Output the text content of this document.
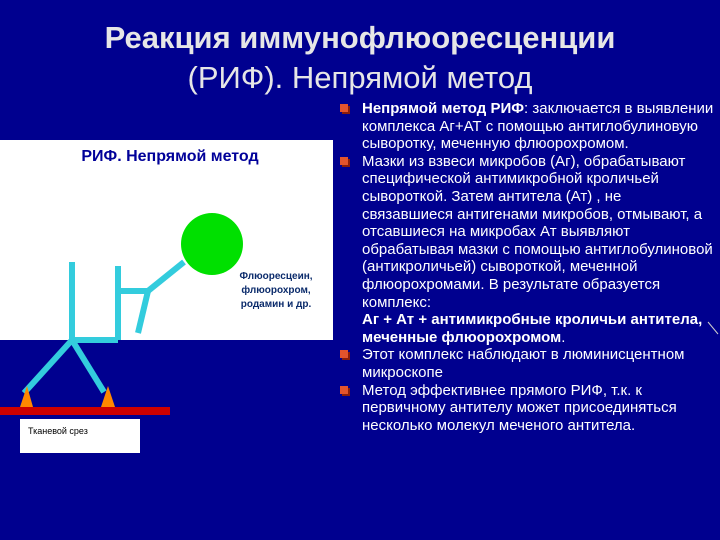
Реакция иммунофлюоресценции
(РИФ). Непрямой метод
РИФ. Непрямой метод
Флюоресцеин,
флюорохром,
родамин и др.
Тканевой срез
Непрямой метод РИФ: заключается в выявлении комплекса Аг+АТ с помощью антиглобулиновую сыворотку, меченную флюорохромом.
Мазки из взвеси микробов (Аг), обрабатывают специфической антимикробной кроличьей сывороткой. Затем антитела (Ат) , не связавшиеся антигенами микробов, отмывают, а отсавшиеся на микробах Ат выявляют обрабатывая мазки с помощью антиглобулиновой (антикроличьей) сывороткой, меченной флюорохромами. В результате образуется комплекс:
Аг + Ат + антимикробные кроличьи антитела, меченные флюорохромом.
Этот комплекс наблюдают в люминисцентном микроскопе
Метод эффективнее прямого РИФ, т.к. к первичному антителу может присоединяться несколько молекул меченого антитела.
